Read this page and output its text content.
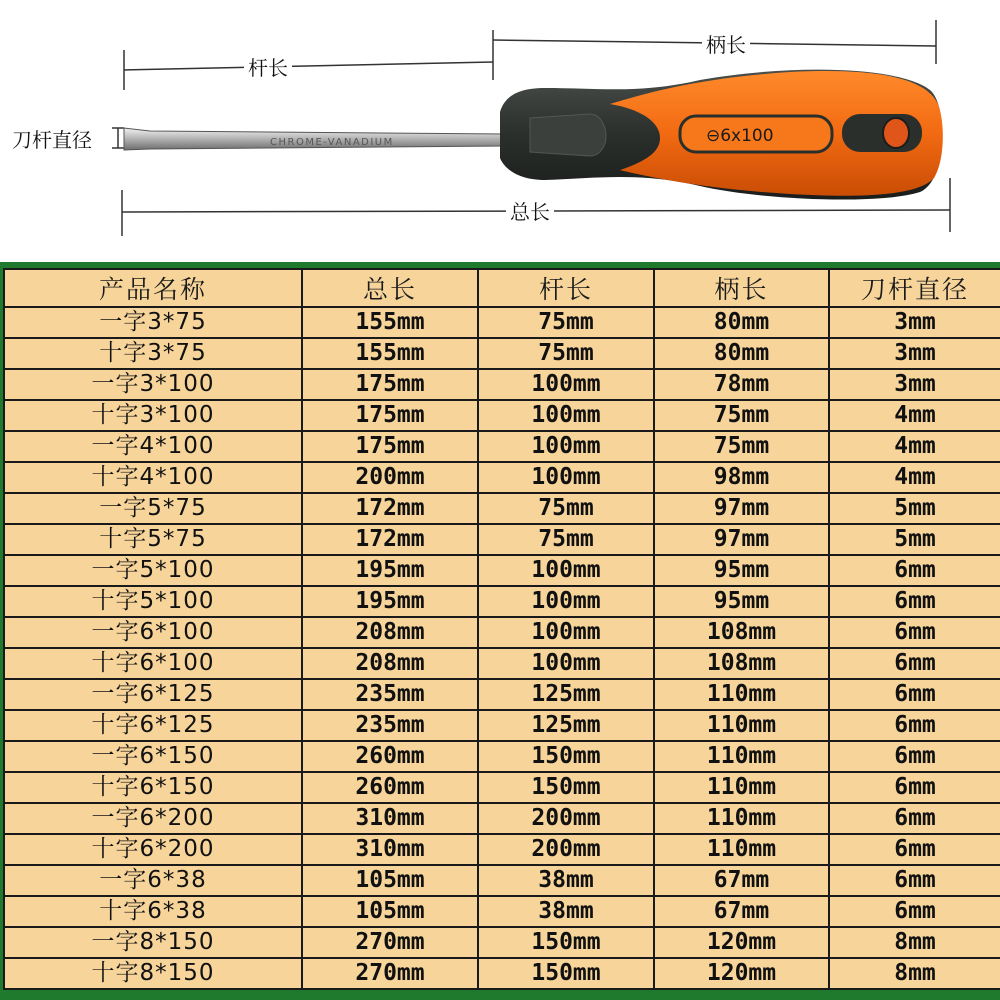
CHROME-VANADIUM	⊖6x100
杆长
柄长
刀杆直径
总长
产品名称	总长	杆长	柄长	刀杆直径
一字3*75	155mm	75mm	80mm	3mm
十字3*75	155mm	75mm	80mm	3mm
一字3*100	175mm	100mm	78mm	3mm
十字3*100	175mm	100mm	75mm	4mm
一字4*100	175mm	100mm	75mm	4mm
十字4*100	200mm	100mm	98mm	4mm
一字5*75	172mm	75mm	97mm	5mm
十字5*75	172mm	75mm	97mm	5mm
一字5*100	195mm	100mm	95mm	6mm
十字5*100	195mm	100mm	95mm	6mm
一字6*100	208mm	100mm	108mm	6mm
十字6*100	208mm	100mm	108mm	6mm
一字6*125	235mm	125mm	110mm	6mm
十字6*125	235mm	125mm	110mm	6mm
一字6*150	260mm	150mm	110mm	6mm
十字6*150	260mm	150mm	110mm	6mm
一字6*200	310mm	200mm	110mm	6mm
十字6*200	310mm	200mm	110mm	6mm
一字6*38	105mm	38mm	67mm	6mm
十字6*38	105mm	38mm	67mm	6mm
一字8*150	270mm	150mm	120mm	8mm
十字8*150	270mm	150mm	120mm	8mm
